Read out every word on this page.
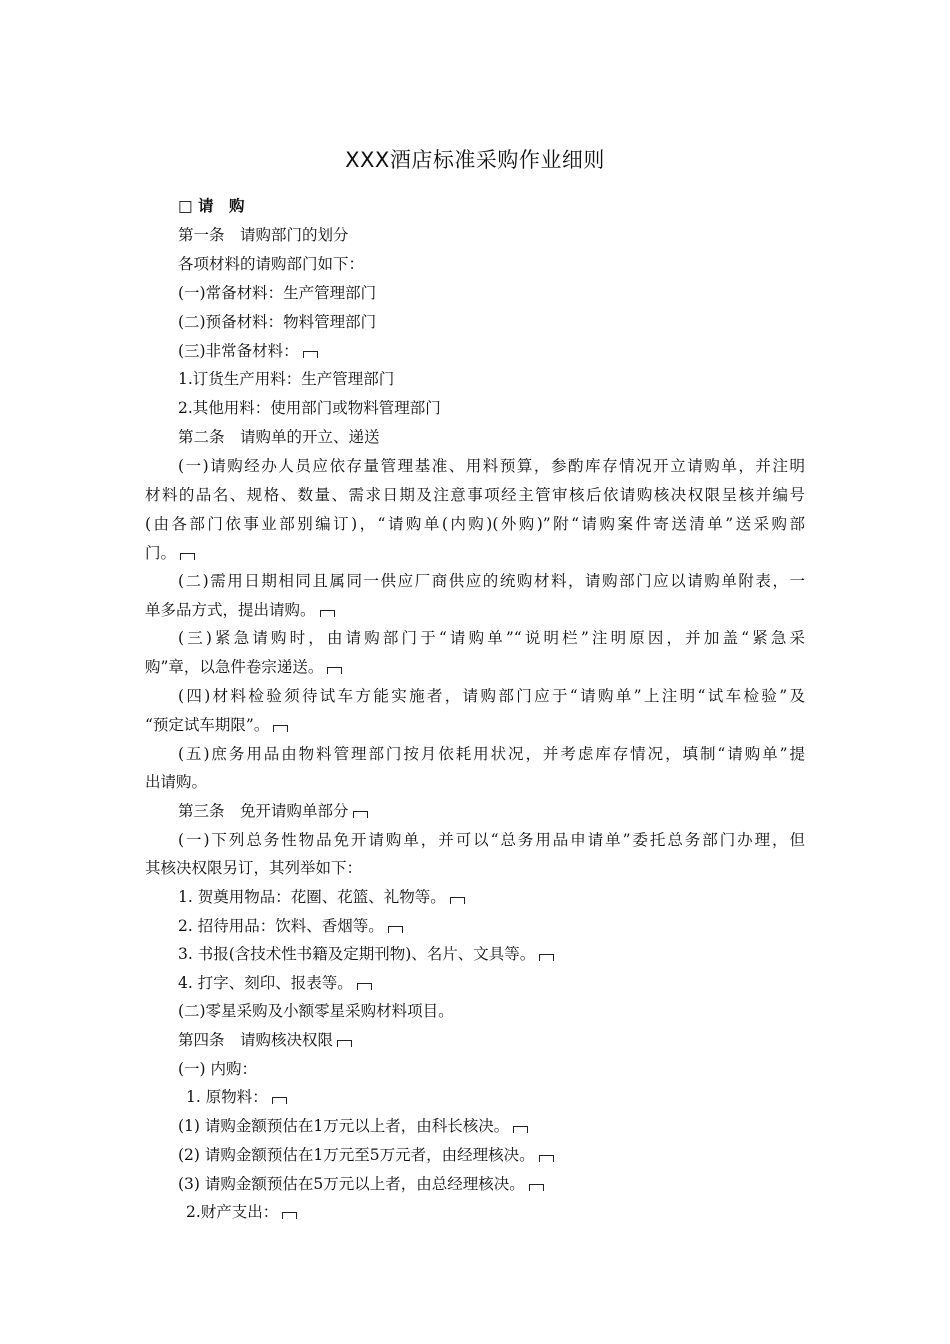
XXX酒店标准采购作业细则
□ 请　购
第一条　请购部门的划分
各项材料的请购部门如下：
(一)常备材料：生产管理部门
(二)预备材料：物料管理部门
(三)非常备材料：
1.订货生产用料：生产管理部门
2.其他用料：使用部门或物料管理部门
第二条　请购单的开立、递送
(一)请购经办人员应依存量管理基准、用料预算，参酌库存情况开立请购单，并注明
材料的品名、规格、数量、需求日期及注意事项经主管审核后依请购核决权限呈核并编号
(由各部门依事业部别编订)，“请购单(内购)(外购)”附“请购案件寄送清单”送采购部
门。
(二)需用日期相同且属同一供应厂商供应的统购材料，请购部门应以请购单附表，一
单多品方式，提出请购。
(三)紧急请购时，由请购部门于“请购单”“说明栏”注明原因，并加盖“紧急采
购”章，以急件卷宗递送。
(四)材料检验须待试车方能实施者，请购部门应于“请购单”上注明“试车检验”及
“预定试车期限”。
(五)庶务用品由物料管理部门按月依耗用状况，并考虑库存情况，填制“请购单”提
出请购。
第三条　免开请购单部分
(一)下列总务性物品免开请购单，并可以“总务用品申请单”委托总务部门办理，但
其核决权限另订，其列举如下：
1. 贺奠用物品：花圈、花篮、礼物等。
2. 招待用品：饮料、香烟等。
3. 书报(含技术性书籍及定期刊物)、名片、文具等。
4. 打字、刻印、报表等。
(二)零星采购及小额零星采购材料项目。
第四条　请购核决权限
(一) 内购：
1. 原物料：
(1) 请购金额预估在1万元以上者，由科长核决。
(2) 请购金额预估在1万元至5万元者，由经理核决。
(3) 请购金额预估在5万元以上者，由总经理核决。
2.财产支出：
